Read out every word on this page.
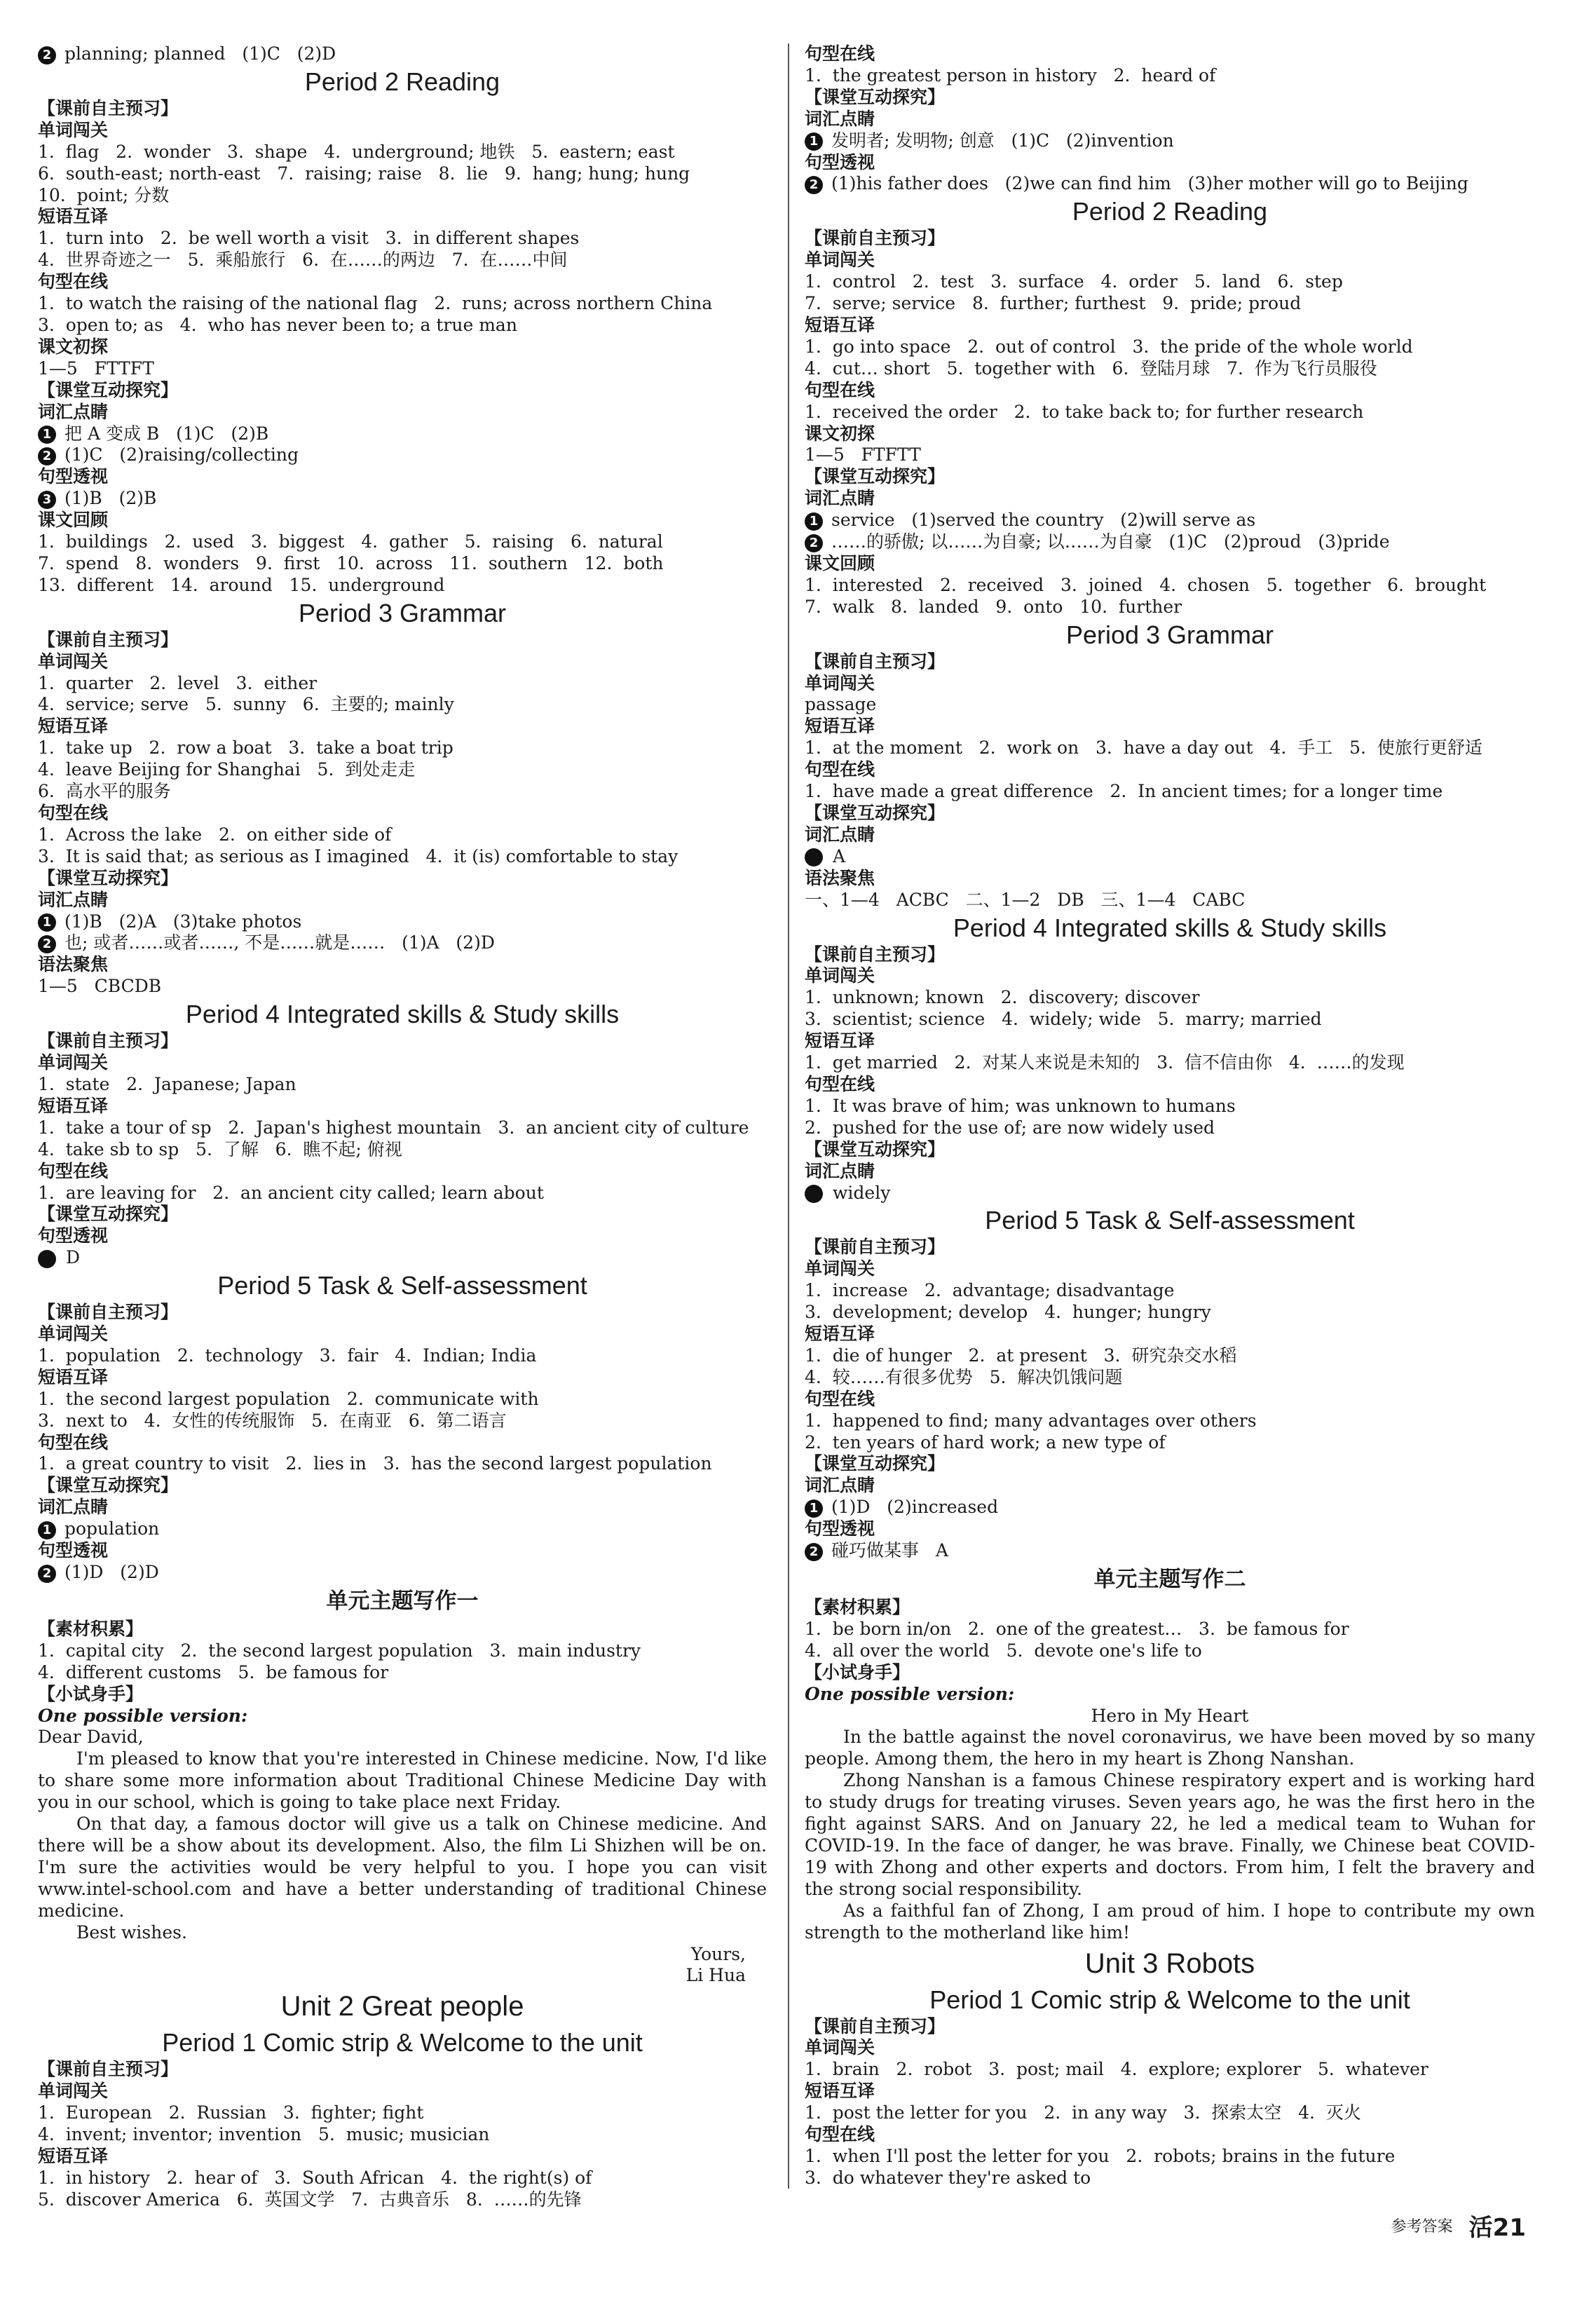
2 planning; planned   (1)C   (2)D
Period 2 Reading
【课前自主预习】
单词闯关
1.  flag   2.  wonder   3.  shape   4.  underground; 地铁   5.  eastern; east
6.  south-east; north-east   7.  raising; raise   8.  lie   9.  hang; hung; hung
10.  point; 分数
短语互译
1.  turn into   2.  be well worth a visit   3.  in different shapes
4.  世界奇迹之一   5.  乘船旅行   6.  在……的两边   7.  在……中间
句型在线
1.  to watch the raising of the national flag   2.  runs; across northern China
3.  open to; as   4.  who has never been to; a true man
课文初探
1—5   FTTFT
【课堂互动探究】
词汇点睛
1 把 A 变成 B   (1)C   (2)B
2 (1)C   (2)raising/collecting
句型透视
3 (1)B   (2)B
课文回顾
1.  buildings   2.  used   3.  biggest   4.  gather   5.  raising   6.  natural
7.  spend   8.  wonders   9.  first   10.  across   11.  southern   12.  both
13.  different   14.  around   15.  underground
Period 3 Grammar
【课前自主预习】
单词闯关
1.  quarter   2.  level   3.  either
4.  service; serve   5.  sunny   6.  主要的; mainly
短语互译
1.  take up   2.  row a boat   3.  take a boat trip
4.  leave Beijing for Shanghai   5.  到处走走
6.  高水平的服务
句型在线
1.  Across the lake   2.  on either side of
3.  It is said that; as serious as I imagined   4.  it (is) comfortable to stay
【课堂互动探究】
词汇点睛
1 (1)B   (2)A   (3)take photos
2 也; 或者……或者……, 不是……就是……   (1)A   (2)D
语法聚焦
1—5   CBCDB
Period 4 Integrated skills & Study skills
【课前自主预习】
单词闯关
1.  state   2.  Japanese; Japan
短语互译
1.  take a tour of sp   2.  Japan's highest mountain   3.  an ancient city of culture
4.  take sb to sp   5.  了解   6.  瞧不起; 俯视
句型在线
1.  are leaving for   2.  an ancient city called; learn about
【课堂互动探究】
句型透视
D
Period 5 Task & Self-assessment
【课前自主预习】
单词闯关
1.  population   2.  technology   3.  fair   4.  Indian; India
短语互译
1.  the second largest population   2.  communicate with
3.  next to   4.  女性的传统服饰   5.  在南亚   6.  第二语言
句型在线
1.  a great country to visit   2.  lies in   3.  has the second largest population
【课堂互动探究】
词汇点睛
1 population
句型透视
2 (1)D   (2)D
单元主题写作一
【素材积累】
1.  capital city   2.  the second largest population   3.  main industry
4.  different customs   5.  be famous for
【小试身手】
One possible version:
Dear David,
I'm pleased to know that you're interested in Chinese medicine. Now, I'd like to share some more information about Traditional Chinese Medicine Day with you in our school, which is going to take place next Friday.
On that day, a famous doctor will give us a talk on Chinese medicine. And there will be a show about its development. Also, the film Li Shizhen will be on. I'm sure the activities would be very helpful to you. I hope you can visit www.intel-school.com and have a better understanding of traditional Chinese medicine.
Best wishes.
Yours,
Li Hua
Unit 2 Great people
Period 1 Comic strip & Welcome to the unit
【课前自主预习】
单词闯关
1.  European   2.  Russian   3.  fighter; fight
4.  invent; inventor; invention   5.  music; musician
短语互译
1.  in history   2.  hear of   3.  South African   4.  the right(s) of
5.  discover America   6.  英国文学   7.  古典音乐   8.  ……的先锋
句型在线
1.  the greatest person in history   2.  heard of
【课堂互动探究】
词汇点睛
1 发明者; 发明物; 创意   (1)C   (2)invention
句型透视
2 (1)his father does   (2)we can find him   (3)her mother will go to Beijing
Period 2 Reading
【课前自主预习】
单词闯关
1.  control   2.  test   3.  surface   4.  order   5.  land   6.  step
7.  serve; service   8.  further; furthest   9.  pride; proud
短语互译
1.  go into space   2.  out of control   3.  the pride of the whole world
4.  cut… short   5.  together with   6.  登陆月球   7.  作为飞行员服役
句型在线
1.  received the order   2.  to take back to; for further research
课文初探
1—5   FTFTT
【课堂互动探究】
词汇点睛
1 service   (1)served the country   (2)will serve as
2 ……的骄傲; 以……为自豪; 以……为自豪   (1)C   (2)proud   (3)pride
课文回顾
1.  interested   2.  received   3.  joined   4.  chosen   5.  together   6.  brought
7.  walk   8.  landed   9.  onto   10.  further
Period 3 Grammar
【课前自主预习】
单词闯关
passage
短语互译
1.  at the moment   2.  work on   3.  have a day out   4.  手工   5.  使旅行更舒适
句型在线
1.  have made a great difference   2.  In ancient times; for a longer time
【课堂互动探究】
词汇点睛
A
语法聚焦
一、1—4   ACBC   二、1—2   DB   三、1—4   CABC
Period 4 Integrated skills & Study skills
【课前自主预习】
单词闯关
1.  unknown; known   2.  discovery; discover
3.  scientist; science   4.  widely; wide   5.  marry; married
短语互译
1.  get married   2.  对某人来说是未知的   3.  信不信由你   4.  ……的发现
句型在线
1.  It was brave of him; was unknown to humans
2.  pushed for the use of; are now widely used
【课堂互动探究】
词汇点睛
widely
Period 5 Task & Self-assessment
【课前自主预习】
单词闯关
1.  increase   2.  advantage; disadvantage
3.  development; develop   4.  hunger; hungry
短语互译
1.  die of hunger   2.  at present   3.  研究杂交水稻
4.  较……有很多优势   5.  解决饥饿问题
句型在线
1.  happened to find; many advantages over others
2.  ten years of hard work; a new type of
【课堂互动探究】
词汇点睛
1 (1)D   (2)increased
句型透视
2 碰巧做某事   A
单元主题写作二
【素材积累】
1.  be born in/on   2.  one of the greatest…   3.  be famous for
4.  all over the world   5.  devote one's life to
【小试身手】
One possible version:
Hero in My Heart
In the battle against the novel coronavirus, we have been moved by so many people. Among them, the hero in my heart is Zhong Nanshan.
Zhong Nanshan is a famous Chinese respiratory expert and is working hard to study drugs for treating viruses. Seven years ago, he was the first hero in the fight against SARS. And on January 22, he led a medical team to Wuhan for COVID-19. In the face of danger, he was brave. Finally, we Chinese beat COVID-19 with Zhong and other experts and doctors. From him, I felt the bravery and the strong social responsibility.
As a faithful fan of Zhong, I am proud of him. I hope to contribute my own strength to the motherland like him!
Unit 3 Robots
Period 1 Comic strip & Welcome to the unit
【课前自主预习】
单词闯关
1.  brain   2.  robot   3.  post; mail   4.  explore; explorer   5.  whatever
短语互译
1.  post the letter for you   2.  in any way   3.  探索太空   4.  灭火
句型在线
1.  when I'll post the letter for you   2.  robots; brains in the future
3.  do whatever they're asked to
参考答案 活21
